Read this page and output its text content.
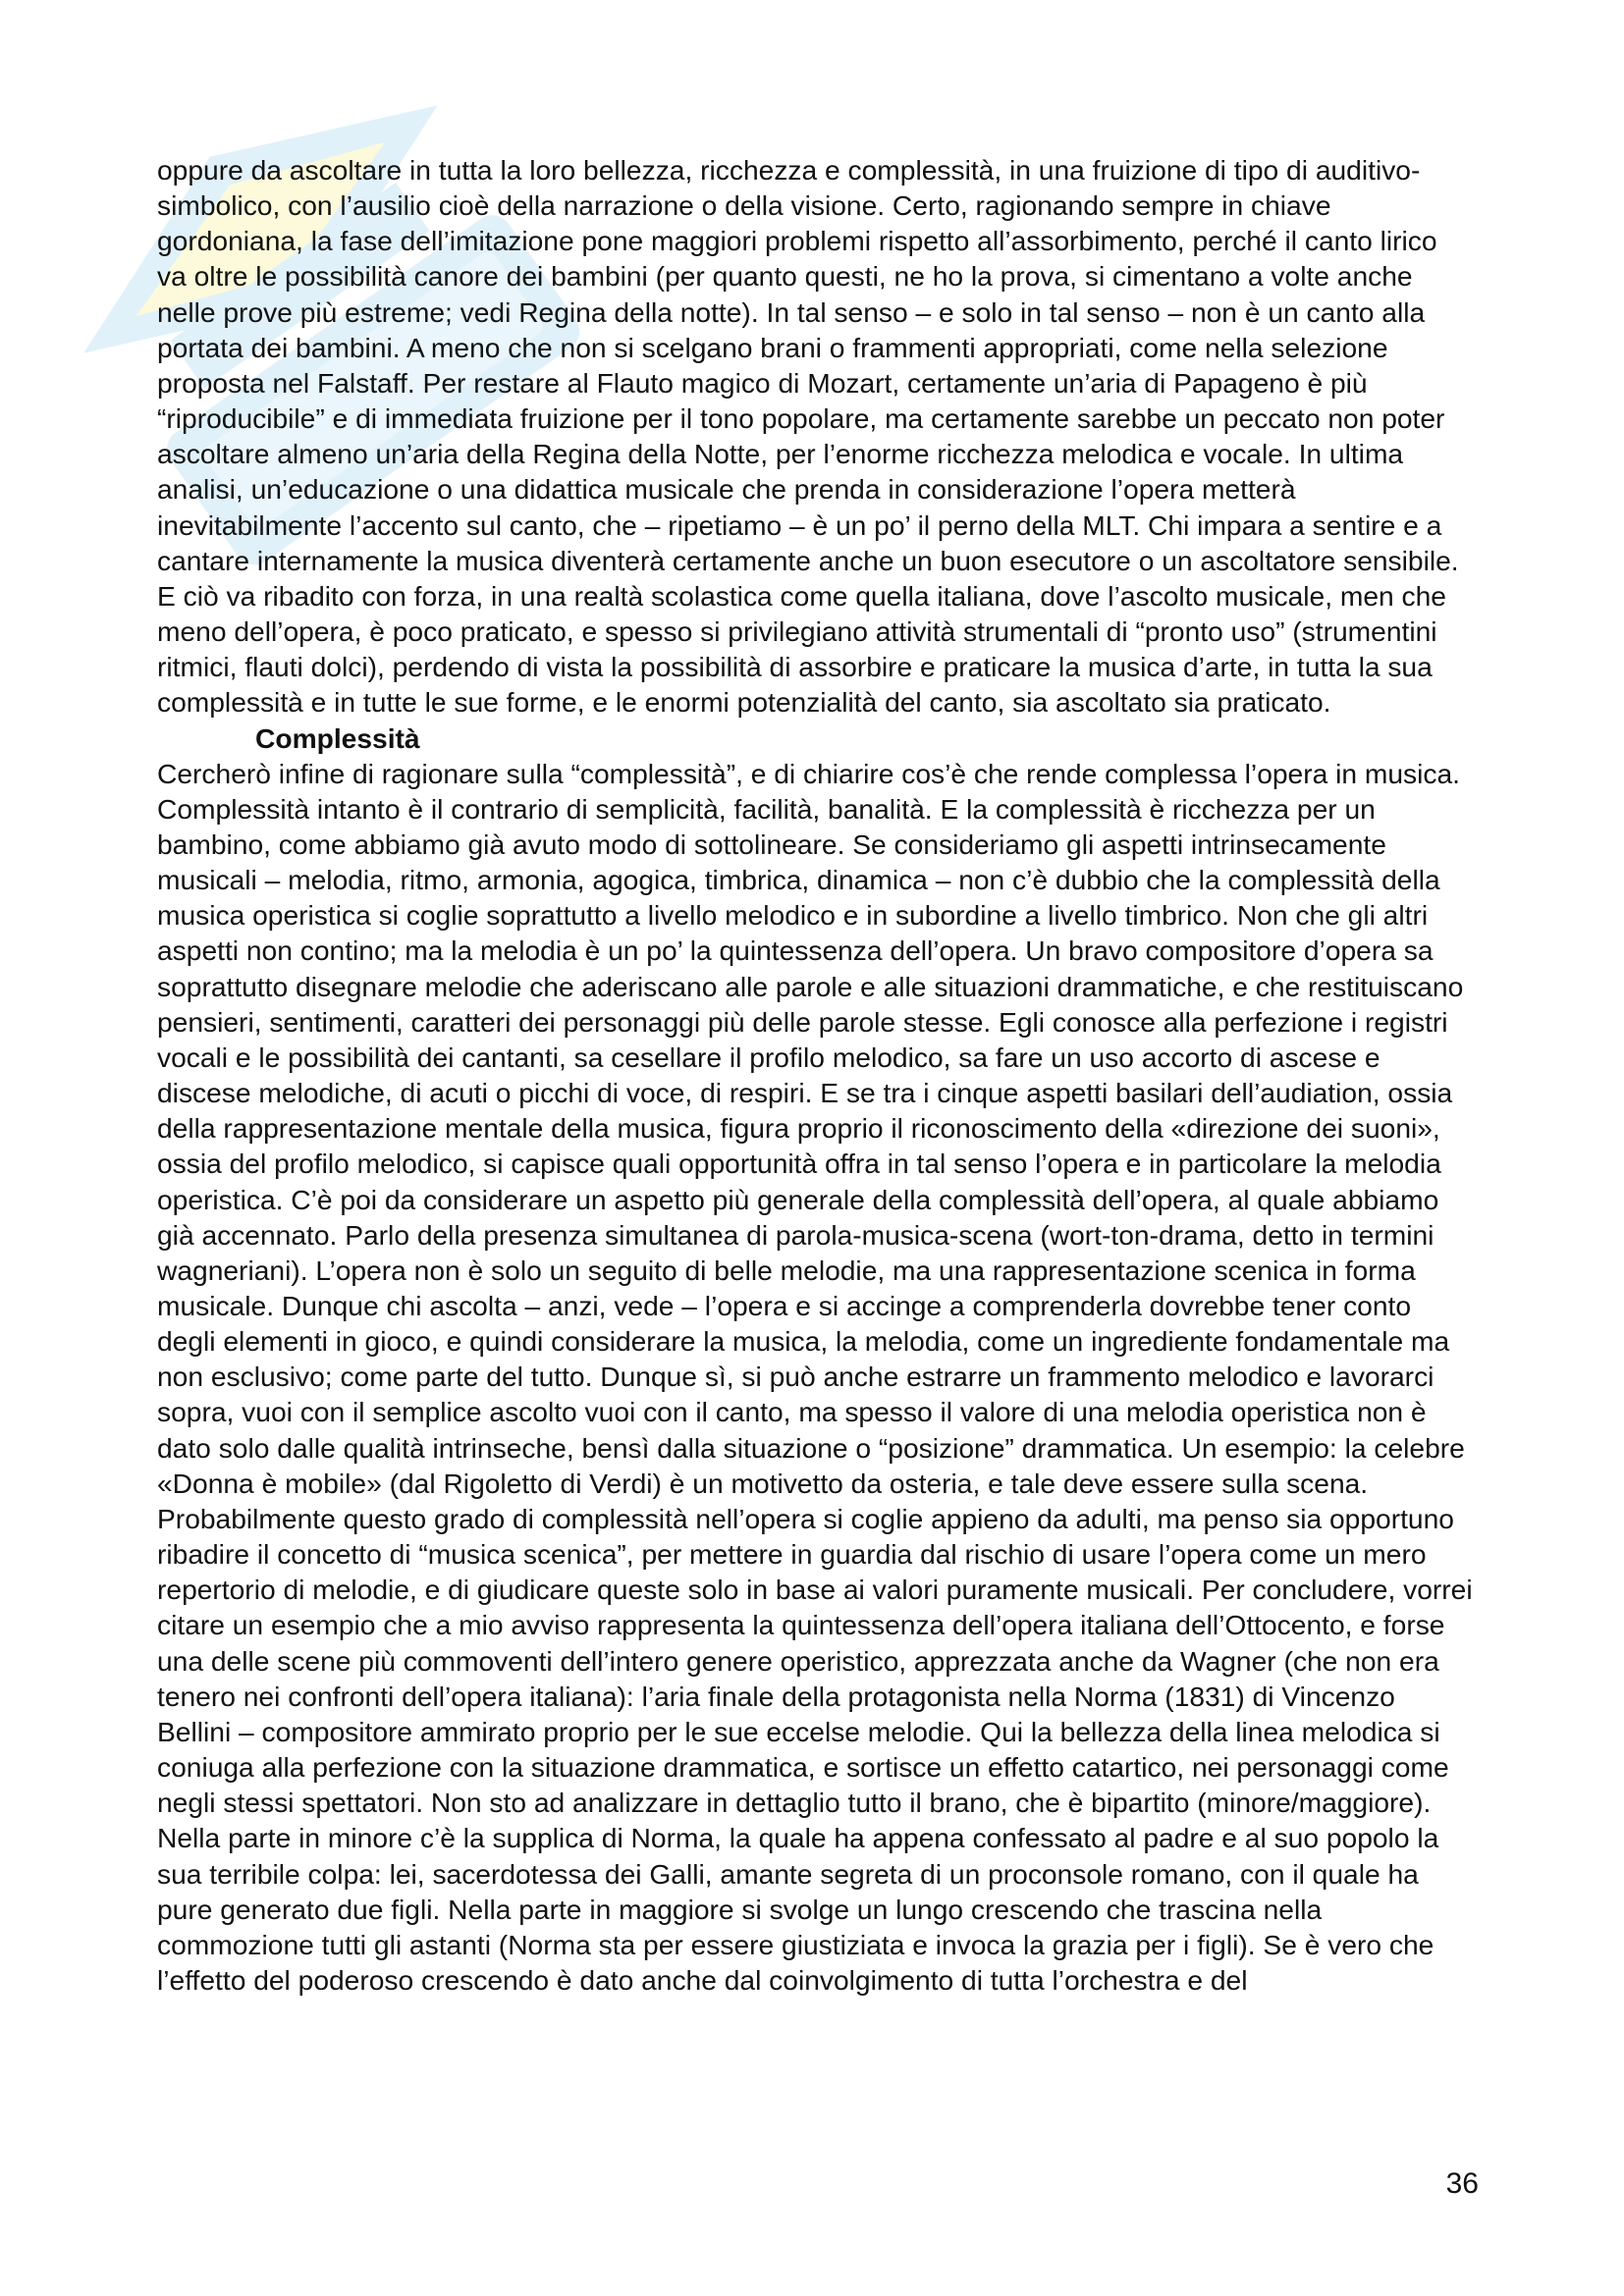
oppure da ascoltare in tutta la loro bellezza, ricchezza e complessità, in una fruizione di tipo di auditivo-simbolico, con l’ausilio cioè della narrazione o della visione. Certo, ragionando sempre in chiave gordoniana, la fase dell’imitazione pone maggiori problemi rispetto all’assorbimento, perché il canto lirico va oltre le possibilità canore dei bambini (per quanto questi, ne ho la prova, si cimentano a volte anche nelle prove più estreme; vedi Regina della notte). In tal senso – e solo in tal senso – non è un canto alla portata dei bambini. A meno che non si scelgano brani o frammenti appropriati, come nella selezione proposta nel Falstaff. Per restare al Flauto magico di Mozart, certamente un’aria di Papageno è più “riproducibile” e di immediata fruizione per il tono popolare, ma certamente sarebbe un peccato non poter ascoltare almeno un’aria della Regina della Notte, per l’enorme ricchezza melodica e vocale. In ultima analisi, un’educazione o una didattica musicale che prenda in considerazione l’opera metterà inevitabilmente l’accento sul canto, che – ripetiamo – è un po’ il perno della MLT. Chi impara a sentire e a cantare internamente la musica diventerà certamente anche un buon esecutore o un ascoltatore sensibile. E ciò va ribadito con forza, in una realtà scolastica come quella italiana, dove l’ascolto musicale, men che meno dell’opera, è poco praticato, e spesso si privilegiano attività strumentali di “pronto uso” (strumentini ritmici, flauti dolci), perdendo di vista la possibilità di assorbire e praticare la musica d’arte, in tutta la sua complessità e in tutte le sue forme, e le enormi potenzialità del canto, sia ascoltato sia praticato.

Complessità

Cercherò infine di ragionare sulla “complessità”, e di chiarire cos’è che rende complessa l’opera in musica. Complessità intanto è il contrario di semplicità, facilità, banalità. E la complessità è ricchezza per un bambino, come abbiamo già avuto modo di sottolineare. Se consideriamo gli aspetti intrinsecamente musicali – melodia, ritmo, armonia, agogica, timbrica, dinamica – non c’è dubbio che la complessità della musica operistica si coglie soprattutto a livello melodico e in subordine a livello timbrico. Non che gli altri aspetti non contino; ma la melodia è un po’ la quintessenza dell’opera. Un bravo compositore d’opera sa soprattutto disegnare melodie che aderiscano alle parole e alle situazioni drammatiche, e che restituiscano pensieri, sentimenti, caratteri dei personaggi più delle parole stesse. Egli conosce alla perfezione i registri vocali e le possibilità dei cantanti, sa cesellare il profilo melodico, sa fare un uso accorto di ascese e discese melodiche, di acuti o picchi di voce, di respiri. E se tra i cinque aspetti basilari dell’audiation, ossia della rappresentazione mentale della musica, figura proprio il riconoscimento della «direzione dei suoni», ossia del profilo melodico, si capisce quali opportunità offra in tal senso l’opera e in particolare la melodia operistica. C’è poi da considerare un aspetto più generale della complessità dell’opera, al quale abbiamo già accennato. Parlo della presenza simultanea di parola-musica-scena (wort-ton-drama, detto in termini wagneriani). L’opera non è solo un seguito di belle melodie, ma una rappresentazione scenica in forma musicale. Dunque chi ascolta – anzi, vede – l’opera e si accinge a comprenderla dovrebbe tener conto degli elementi in gioco, e quindi considerare la musica, la melodia, come un ingrediente fondamentale ma non esclusivo; come parte del tutto. Dunque sì, si può anche estrarre un frammento melodico e lavorarci sopra, vuoi con il semplice ascolto vuoi con il canto, ma spesso il valore di una melodia operistica non è dato solo dalle qualità intrinseche, bensì dalla situazione o “posizione” drammatica. Un esempio: la celebre «Donna è mobile» (dal Rigoletto di Verdi) è un motivetto da osteria, e tale deve essere sulla scena. Probabilmente questo grado di complessità nell’opera si coglie appieno da adulti, ma penso sia opportuno ribadire il concetto di “musica scenica”, per mettere in guardia dal rischio di usare l’opera come un mero repertorio di melodie, e di giudicare queste solo in base ai valori puramente musicali. Per concludere, vorrei citare un esempio che a mio avviso rappresenta la quintessenza dell’opera italiana dell’Ottocento, e forse una delle scene più commoventi dell’intero genere operistico, apprezzata anche da Wagner (che non era tenero nei confronti dell’opera italiana): l’aria finale della protagonista nella Norma (1831) di Vincenzo Bellini – compositore ammirato proprio per le sue eccelse melodie. Qui la bellezza della linea melodica si coniuga alla perfezione con la situazione drammatica, e sortisce un effetto catartico, nei personaggi come negli stessi spettatori. Non sto ad analizzare in dettaglio tutto il brano, che è bipartito (minore/maggiore). Nella parte in minore c’è la supplica di Norma, la quale ha appena confessato al padre e al suo popolo la sua terribile colpa: lei, sacerdotessa dei Galli, amante segreta di un proconsole romano, con il quale ha pure generato due figli. Nella parte in maggiore si svolge un lungo crescendo che trascina nella commozione tutti gli astanti (Norma sta per essere giustiziata e invoca la grazia per i figli). Se è vero che l’effetto del poderoso crescendo è dato anche dal coinvolgimento di tutta l’orchestra e del

36
